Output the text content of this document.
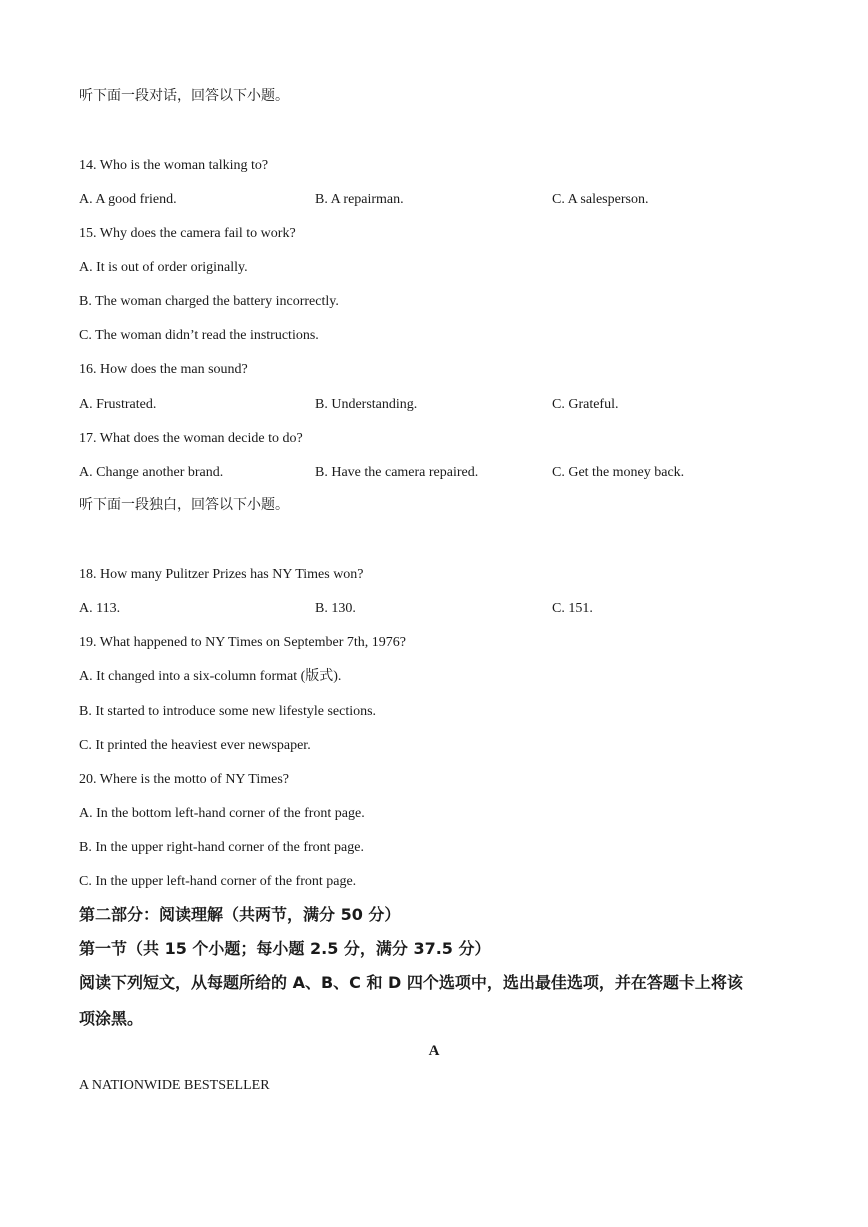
听下面一段对话，回答以下小题。
14. Who is the woman talking to?
A. A good friend.	B. A repairman.	C. A salesperson.
15. Why does the camera fail to work?
A. It is out of order originally.
B. The woman charged the battery incorrectly.
C. The woman didn’t read the instructions.
16. How does the man sound?
A. Frustrated.	B. Understanding.	C. Grateful.
17. What does the woman decide to do?
A. Change another brand.	B. Have the camera repaired.	C. Get the money back.
听下面一段独白，回答以下小题。
18. How many Pulitzer Prizes has NY Times won?
A. 113.	B. 130.	C. 151.
19. What happened to NY Times on September 7th, 1976?
A. It changed into a six-column format (版式).
B. It started to introduce some new lifestyle sections.
C. It printed the heaviest ever newspaper.
20. Where is the motto of NY Times?
A. In the bottom left-hand corner of the front page.
B. In the upper right-hand corner of the front page.
C. In the upper left-hand corner of the front page.
第二部分：阅读理解（共两节，满分 50 分）
第一节（共 15 个小题；每小题 2.5 分，满分 37.5 分）
阅读下列短文，从每题所给的 A、B、C 和 D 四个选项中，选出最佳选项，并在答题卡上将该
项涂黑。
A
A NATIONWIDE BESTSELLER
